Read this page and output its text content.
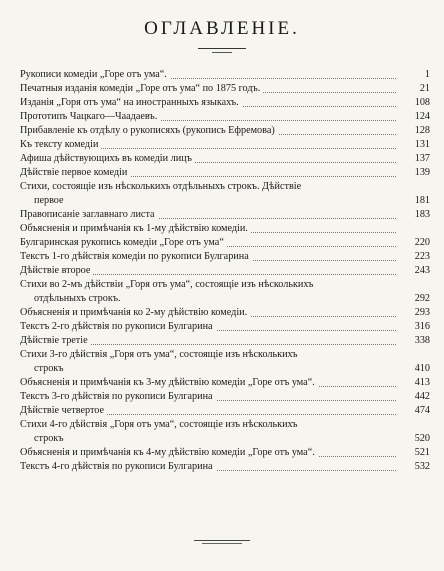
ОГЛАВЛЕНІЕ.
Рукописи комедіи „Горе отъ ума“.	1
Печатныя изданія комедіи „Горе отъ ума“ по 1875 годъ.	21
Изданія „Горя отъ ума“ на иностранныхъ языкахъ.	108
Прототипъ Чацкаго—Чаадаевъ.	124
Прибавленіе къ отдѣлу о рукописяхъ (рукопись Ефремова)	128
Къ тексту комедіи	131
Афиша дѣйствующихъ въ комедіи лицъ	137
Дѣйствіе первое комедіи	139
Стихи, состоящіе изъ нѣсколькихъ отдѣльныхъ строкъ. Дѣйствіе
первое	181
Правописаніе заглавнаго листа	183
Объясненія и примѣчанія къ 1-му дѣйствію комедіи.
Булгаринская рукопись комедіи „Горе отъ ума“	220
Текстъ 1-го дѣйствія комедіи по рукописи Булгарина	223
Дѣйствіе второе	243
Стихи во 2-мъ дѣйствіи „Горя отъ ума“, состоящіе изъ нѣсколькихъ
отдѣльныхъ строкъ.	292
Объясненія и примѣчанія ко 2-му дѣйствію комедіи.	293
Текстъ 2-го дѣйствія по рукописи Булгарина	316
Дѣйствіе третіе	338
Стихи 3-го дѣйствія „Горя отъ ума“, состоящіе изъ нѣсколькихъ
строкъ	410
Объясненія и примѣчанія къ 3-му дѣйствію комедіи „Горе отъ ума“.	413
Текстъ 3-го дѣйствія по рукописи Булгарина	442
Дѣйствіе четвертое	474
Стихи 4-го дѣйствія „Горя отъ ума“, состоящіе изъ нѣсколькихъ
строкъ	520
Объясненія и примѣчанія къ 4-му дѣйствію комедіи „Горе отъ ума“.	521
Текстъ 4-го дѣйствія по рукописи Булгарина	532
